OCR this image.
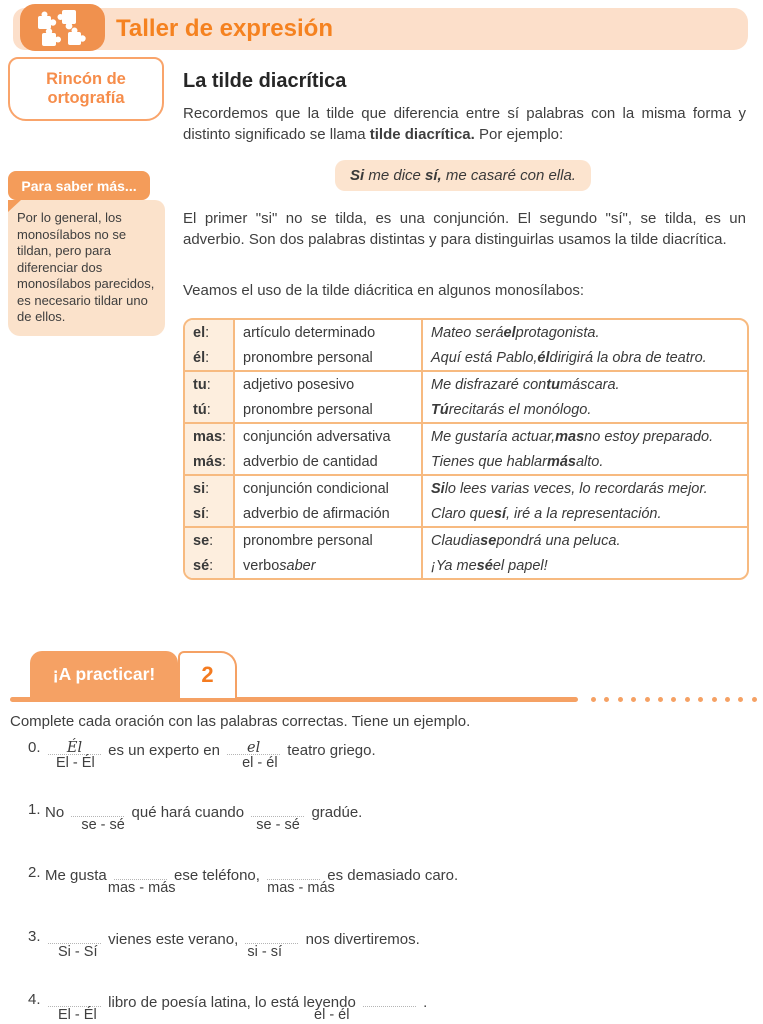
Taller de expresión
Rincón de
ortografía
Para saber más...
Por lo general, los monosílabos no se tildan, pero para diferenciar dos monosílabos parecidos, es necesario tildar uno de ellos.
La tilde diacrítica

Recordemos que la tilde que diferencia entre sí palabras con la misma forma y distinto significado se llama tilde diacrítica. Por ejemplo:

Si me dice sí, me casaré con ella.

El primer "si" no se tilda, es una conjunción. El segundo "sí", se tilda, es un adverbio. Son dos palabras distintas y para distinguirlas usamos la tilde diacrítica.

Veamos el uso de la tilde diácritica en algunos monosílabos:
el :	artículo determinado	Mateo será el protagonista.
él :	pronombre personal	Aquí está Pablo, él dirigirá la obra de teatro.
tu :	adjetivo posesivo	Me disfrazaré con tu máscara.
tú :	pronombre personal	Tú recitarás el monólogo.
mas :	conjunción adversativa	Me gustaría actuar, mas no estoy preparado.
más :	adverbio de cantidad	Tienes que hablar más alto.
si :	conjunción condicional	Si lo lees varias veces, lo recordarás mejor.
sí :	adverbio de afirmación	Claro que sí , iré a la representación.
se :	pronombre personal	Claudia se pondrá una peluca.
sé :	verbo saber	¡Ya me sé el papel!
¡A practicar!	2
Complete cada oración con las palabras correctas. Tiene un ejemplo.
0.	Él
El - Él
es un experto en	el
el - él
teatro griego.
1. No
se - sé
qué hará cuando
se - sé
gradúe.
2. Me gusta
mas - más
ese teléfono,
mas - más
es demasiado caro.
3.
Si - Sí
vienes este verano,
si - sí
nos divertiremos.
4.
El - Él
libro de poesía latina, lo está leyendo
el - él
.
